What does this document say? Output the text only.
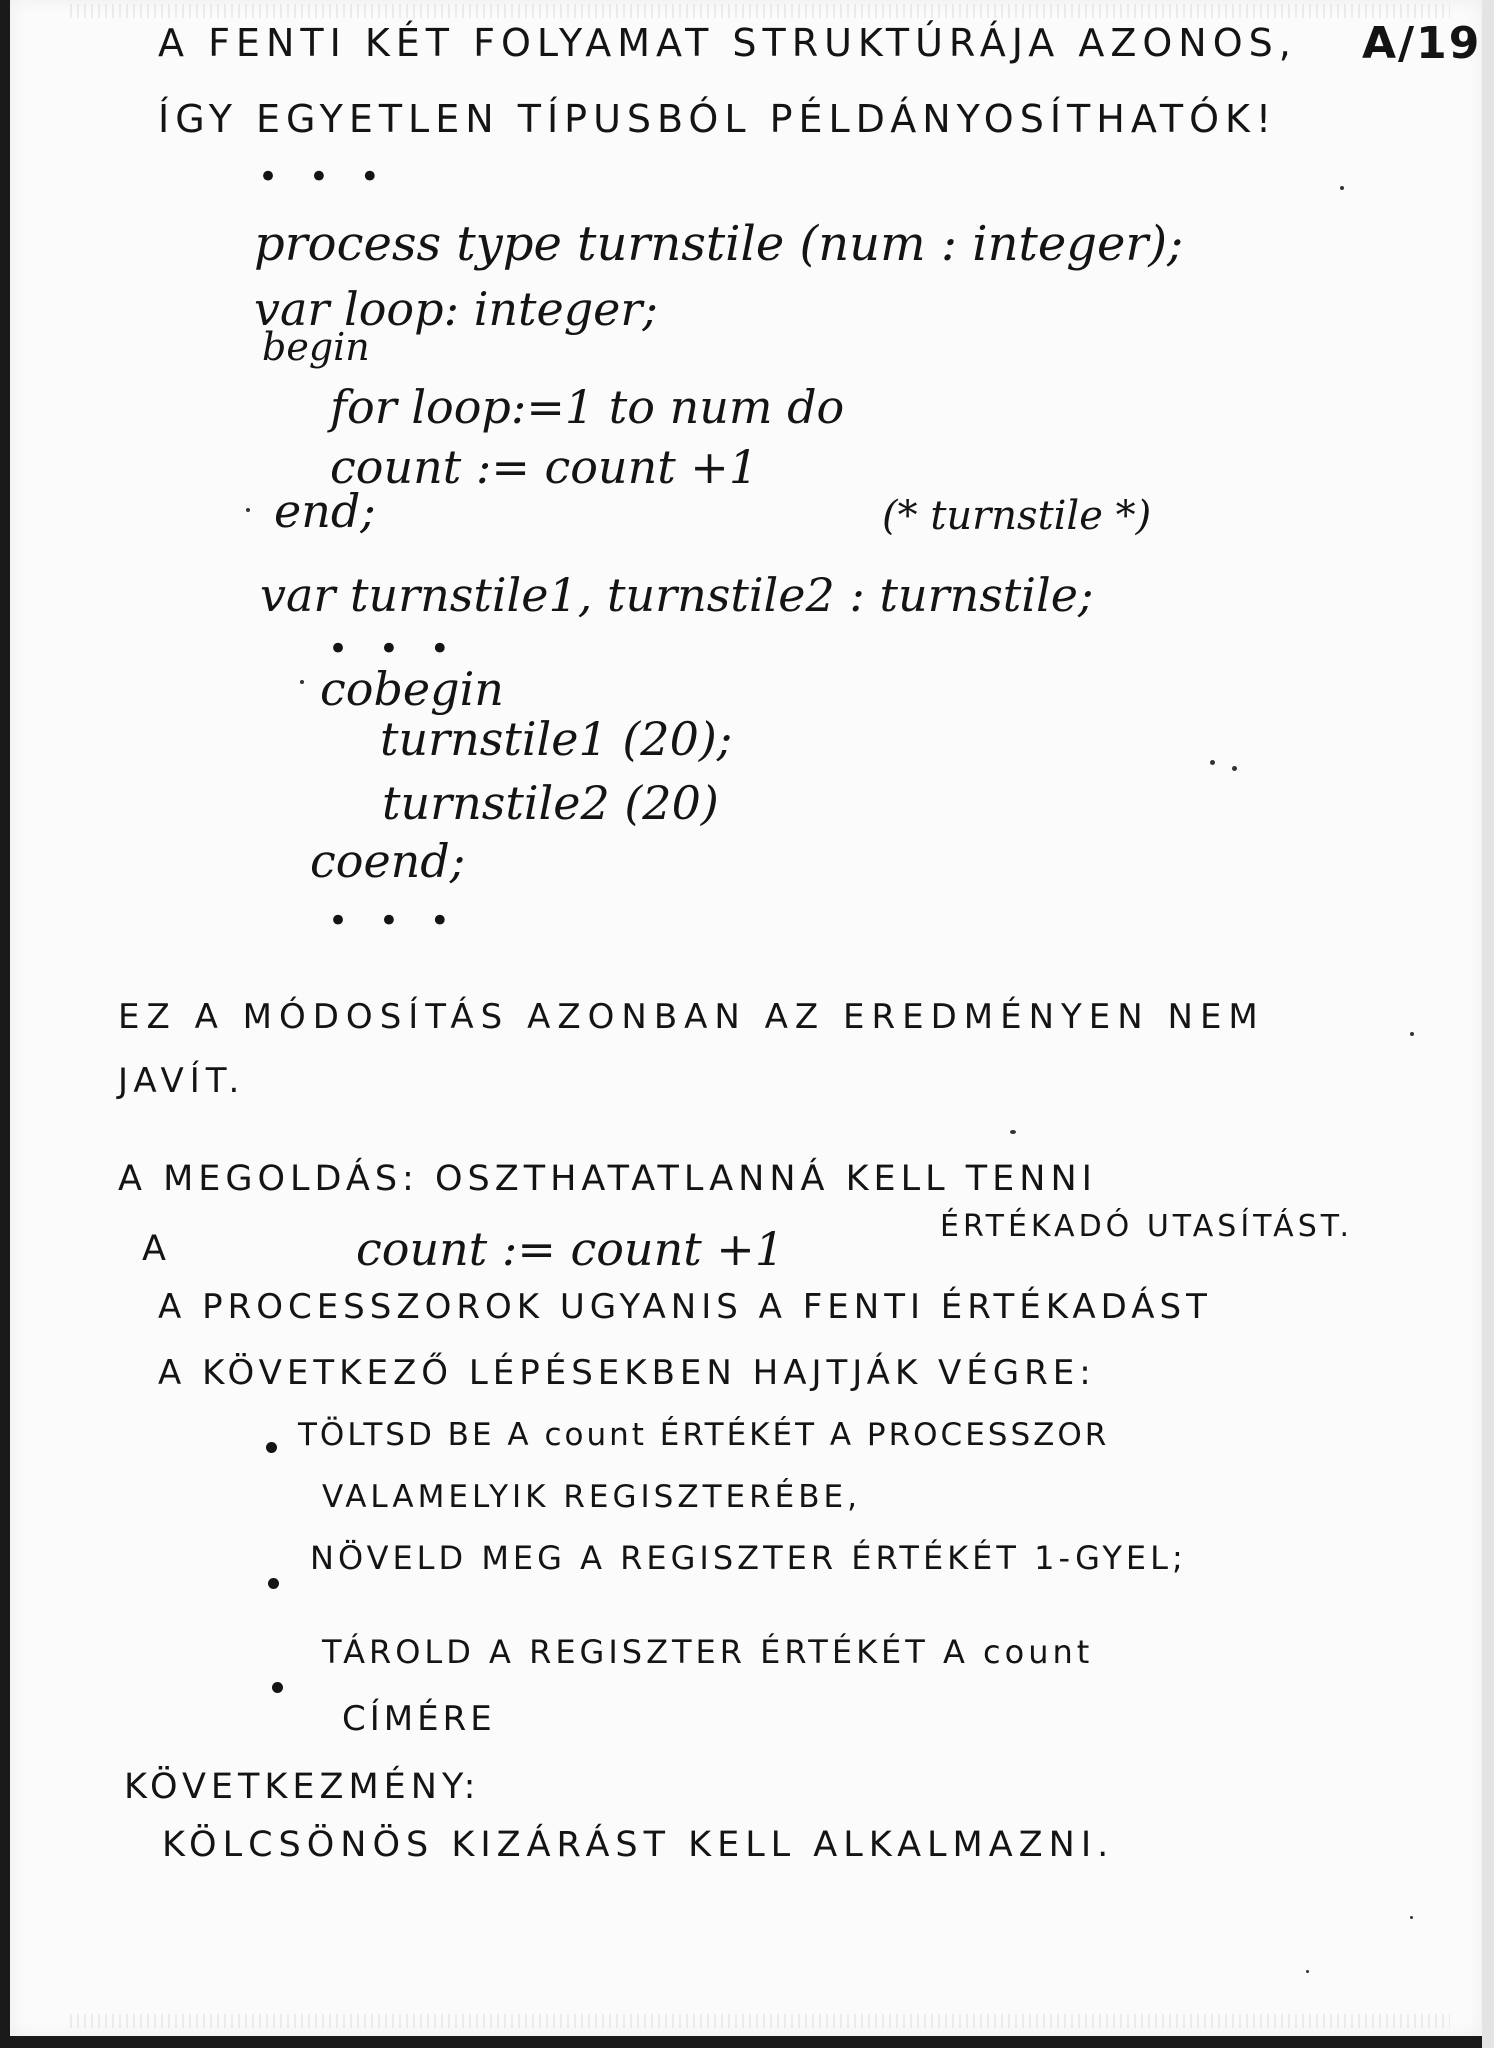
A FENTI KÉT FOLYAMAT STRUKTÚRÁJA AZONOS, A/19
ÍGY EGYETLEN TÍPUSBÓL PÉLDÁNYOSÍTHATÓK!
• • •
process type turnstile (num : integer);
var loop: integer;
begin
for loop:=1 to num do
count := count +1
end;	(* turnstile *)
var turnstile1, turnstile2 : turnstile;
• • •
cobegin
turnstile1 (20);
turnstile2 (20)
coend;
• • •
EZ A MÓDOSÍTÁS AZONBAN AZ EREDMÉNYEN NEM
JAVÍT.
A MEGOLDÁS: OSZTHATATLANNÁ KELL TENNI
A	count := count +1	ÉRTÉKADÓ UTASÍTÁST.
A PROCESSZOROK UGYANIS A FENTI ÉRTÉKADÁST
A KÖVETKEZŐ LÉPÉSEKBEN HAJTJÁK VÉGRE:
TÖLTSD BE A count ÉRTÉKÉT A PROCESSZOR
VALAMELYIK REGISZTERÉBE,
NÖVELD MEG A REGISZTER ÉRTÉKÉT 1-GYEL;
TÁROLD A REGISZTER ÉRTÉKÉT A count
CÍMÉRE
KÖVETKEZMÉNY:
KÖLCSÖNÖS KIZÁRÁST KELL ALKALMAZNI.
